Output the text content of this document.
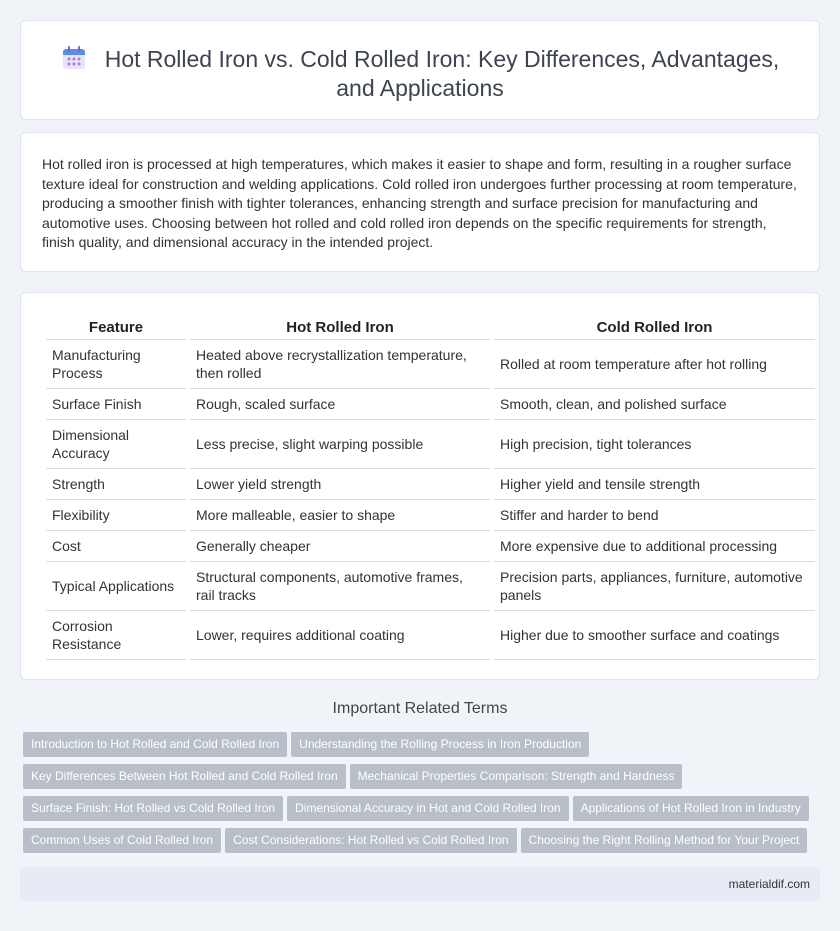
Hot Rolled Iron vs. Cold Rolled Iron: Key Differences, Advantages, and Applications

Hot rolled iron is processed at high temperatures, which makes it easier to shape and form, resulting in a rougher surface texture ideal for construction and welding applications. Cold rolled iron undergoes further processing at room temperature, producing a smoother finish with tighter tolerances, enhancing strength and surface precision for manufacturing and automotive uses. Choosing between hot rolled and cold rolled iron depends on the specific requirements for strength, finish quality, and dimensional accuracy in the intended project.

Feature	Hot Rolled Iron	Cold Rolled Iron
Manufacturing Process	Heated above recrystallization temperature, then rolled	Rolled at room temperature after hot rolling
Surface Finish	Rough, scaled surface	Smooth, clean, and polished surface
Dimensional Accuracy	Less precise, slight warping possible	High precision, tight tolerances
Strength	Lower yield strength	Higher yield and tensile strength
Flexibility	More malleable, easier to shape	Stiffer and harder to bend
Cost	Generally cheaper	More expensive due to additional processing
Typical Applications	Structural components, automotive frames, rail tracks	Precision parts, appliances, furniture, automotive panels
Corrosion Resistance	Lower, requires additional coating	Higher due to smoother surface and coatings
Important Related Terms
Introduction to Hot Rolled and Cold Rolled Iron Understanding the Rolling Process in Iron Production
Key Differences Between Hot Rolled and Cold Rolled Iron Mechanical Properties Comparison: Strength and Hardness
Surface Finish: Hot Rolled vs Cold Rolled Iron Dimensional Accuracy in Hot and Cold Rolled Iron Applications of Hot Rolled Iron in Industry
Common Uses of Cold Rolled Iron Cost Considerations: Hot Rolled vs Cold Rolled Iron Choosing the Right Rolling Method for Your Project
materialdif.com
